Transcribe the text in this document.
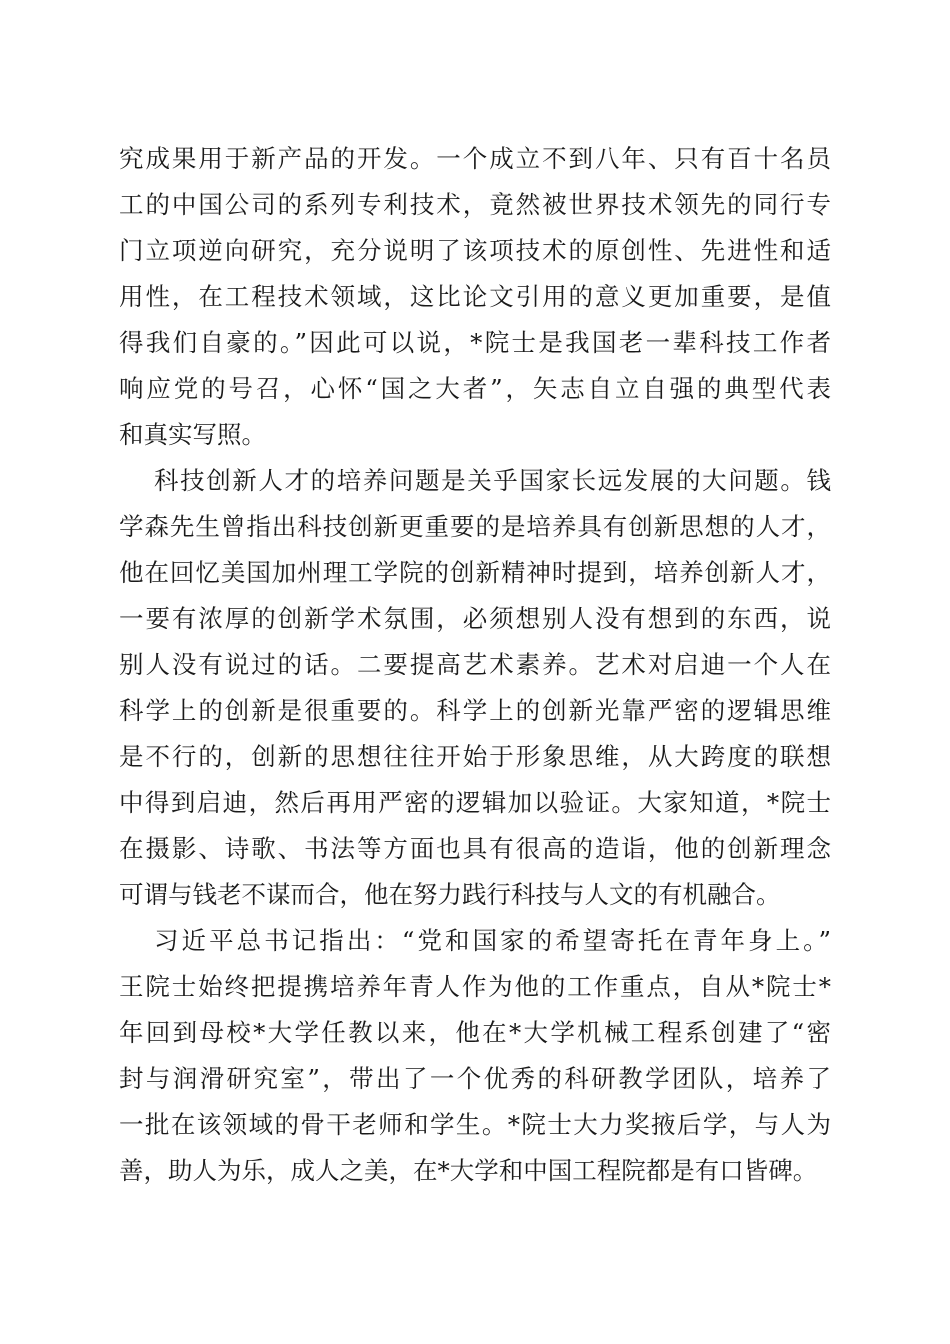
究成果用于新产品的开发。一个成立不到八年、只有百十名员
工的中国公司的系列专利技术，竟然被世界技术领先的同行专
门立项逆向研究，充分说明了该项技术的原创性、先进性和适
用性，在工程技术领域，这比论文引用的意义更加重要，是值
得我们自豪的。”因此可以说，*院士是我国老一辈科技工作者
响应党的号召，心怀“国之大者”，矢志自立自强的典型代表
和真实写照。
科技创新人才的培养问题是关乎国家长远发展的大问题。钱
学森先生曾指出科技创新更重要的是培养具有创新思想的人才，
他在回忆美国加州理工学院的创新精神时提到，培养创新人才，
一要有浓厚的创新学术氛围，必须想别人没有想到的东西，说
别人没有说过的话。二要提高艺术素养。艺术对启迪一个人在
科学上的创新是很重要的。科学上的创新光靠严密的逻辑思维
是不行的，创新的思想往往开始于形象思维，从大跨度的联想
中得到启迪，然后再用严密的逻辑加以验证。大家知道，*院士
在摄影、诗歌、书法等方面也具有很高的造诣，他的创新理念
可谓与钱老不谋而合，他在努力践行科技与人文的有机融合。
习近平总书记指出：“党和国家的希望寄托在青年身上。”
王院士始终把提携培养年青人作为他的工作重点，自从*院士*
年回到母校*大学任教以来，他在*大学机械工程系创建了“密
封与润滑研究室”，带出了一个优秀的科研教学团队，培养了
一批在该领域的骨干老师和学生。*院士大力奖掖后学，与人为
善，助人为乐，成人之美，在*大学和中国工程院都是有口皆碑。
